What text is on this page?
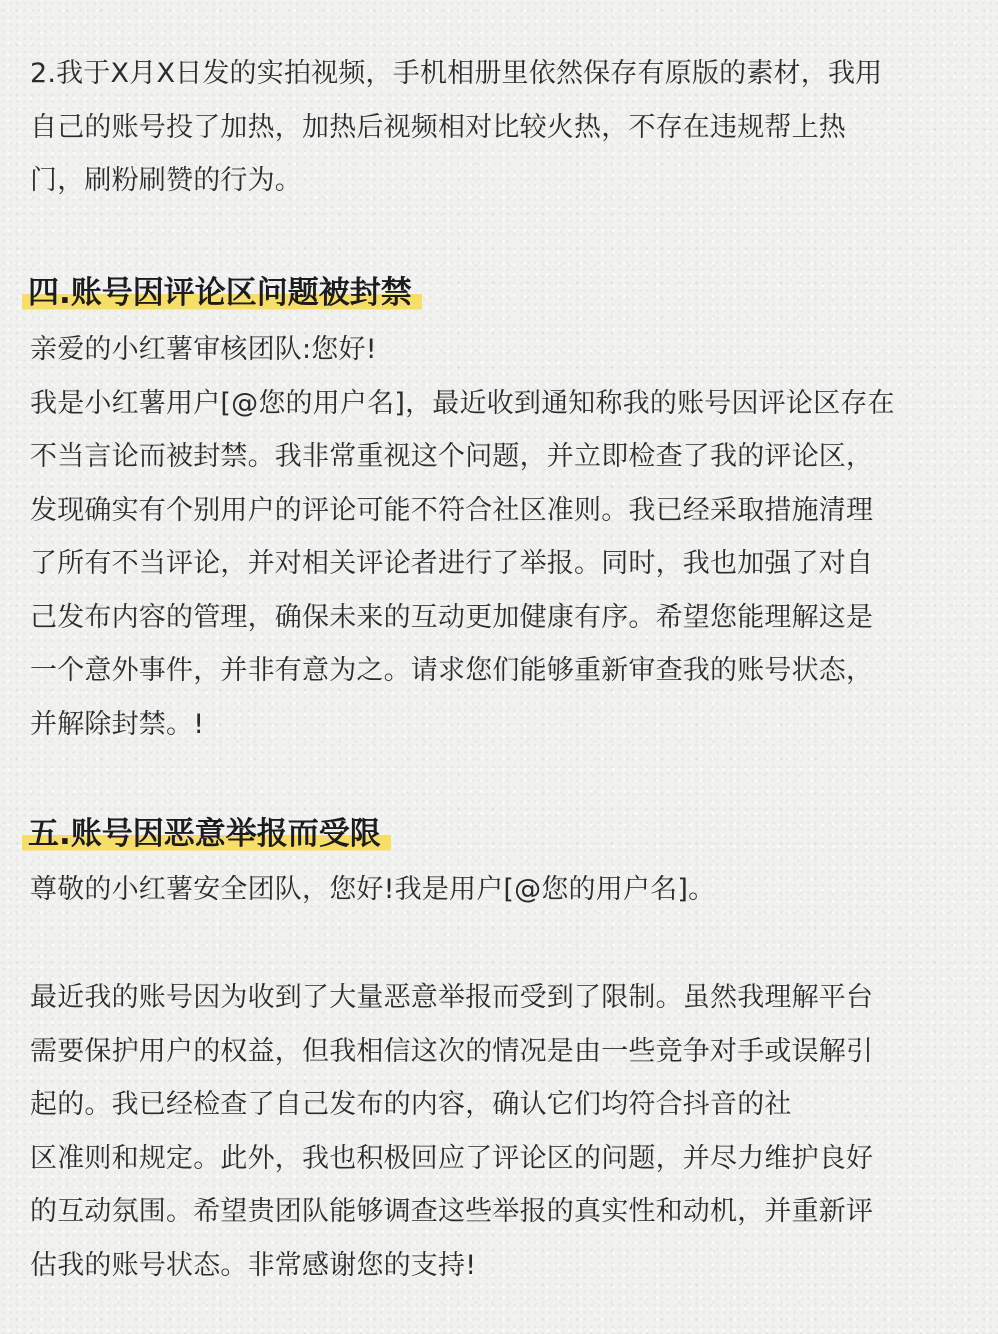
2.我于X月X日发的实拍视频，手机相册里依然保存有原版的素材，我用
自己的账号投了加热，加热后视频相对比较火热，不存在违规帮上热
门，刷粉刷赞的行为。

四.账号因评论区问题被封禁

亲爱的小红薯审核团队:您好!
我是小红薯用户[@您的用户名]，最近收到通知称我的账号因评论区存在
不当言论而被封禁。我非常重视这个问题，并立即检查了我的评论区，
发现确实有个别用户的评论可能不符合社区准则。我已经采取措施清理
了所有不当评论，并对相关评论者进行了举报。同时，我也加强了对自
己发布内容的管理，确保未来的互动更加健康有序。希望您能理解这是
一个意外事件，并非有意为之。请求您们能够重新审查我的账号状态，
并解除封禁。!

五.账号因恶意举报而受限

尊敬的小红薯安全团队，您好!我是用户[@您的用户名]。

最近我的账号因为收到了大量恶意举报而受到了限制。虽然我理解平台
需要保护用户的权益，但我相信这次的情况是由一些竞争对手或误解引
起的。我已经检查了自己发布的内容，确认它们均符合抖音的社
区准则和规定。此外，我也积极回应了评论区的问题，并尽力维护良好
的互动氛围。希望贵团队能够调查这些举报的真实性和动机，并重新评
估我的账号状态。非常感谢您的支持!
